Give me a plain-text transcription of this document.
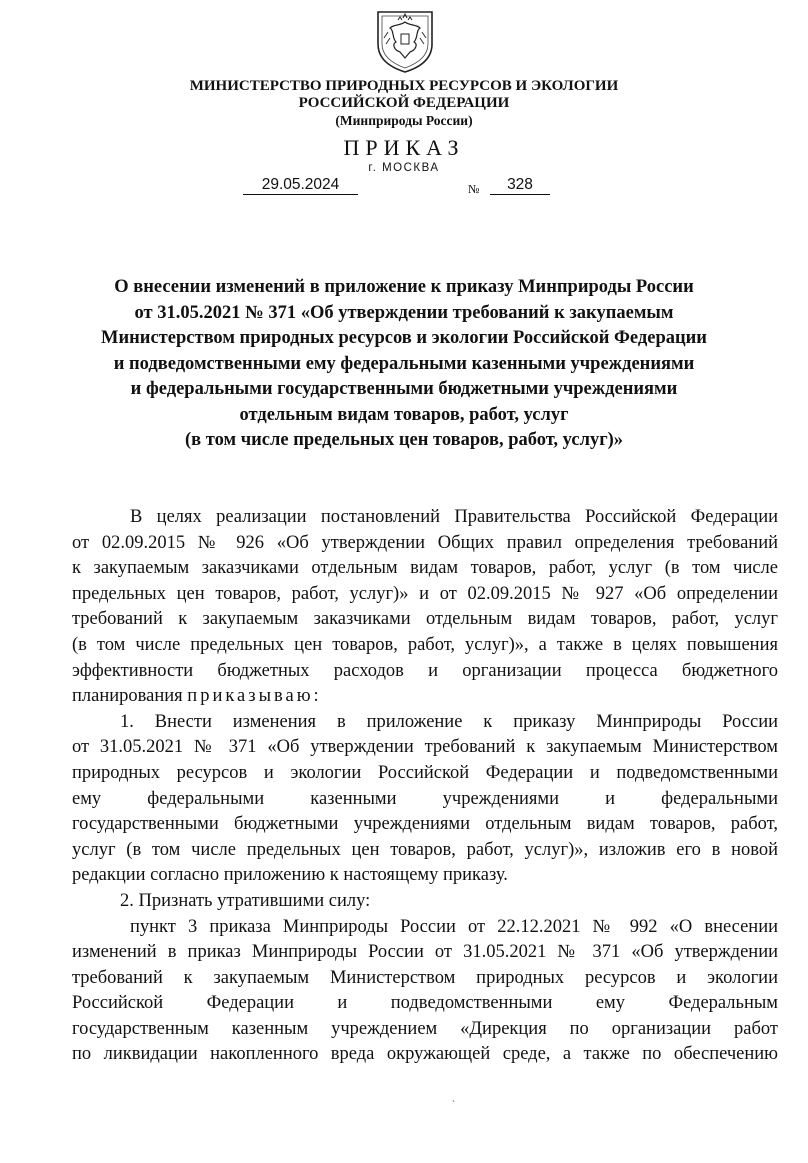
МИНИСТЕРСТВО ПРИРОДНЫХ РЕСУРСОВ И ЭКОЛОГИИ
РОССИЙСКОЙ ФЕДЕРАЦИИ
(Минприроды России)
ПРИКАЗ
г. МОСКВА
29.05.2024	№	328
О внесении изменений в приложение к приказу Минприроды России
от 31.05.2021 № 371 «Об утверждении требований к закупаемым
Министерством природных ресурсов и экологии Российской Федерации
и подведомственными ему федеральными казенными учреждениями
и федеральными государственными бюджетными учреждениями
отдельным видам товаров, работ, услуг
(в том числе предельных цен товаров, работ, услуг)»
В целях реализации постановлений Правительства Российской Федерации
от 02.09.2015 № 926 «Об утверждении Общих правил определения требований
к закупаемым заказчиками отдельным видам товаров, работ, услуг (в том числе
предельных цен товаров, работ, услуг)» и от 02.09.2015 № 927 «Об определении
требований к закупаемым заказчиками отдельным видам товаров, работ, услуг
(в том числе предельных цен товаров, работ, услуг)», а также в целях повышения
эффективности бюджетных расходов и организации процесса бюджетного
планирования приказываю:
1. Внести изменения в приложение к приказу Минприроды России
от 31.05.2021 № 371 «Об утверждении требований к закупаемым Министерством
природных ресурсов и экологии Российской Федерации и подведомственными
ему федеральными казенными учреждениями и федеральными
государственными бюджетными учреждениями отдельным видам товаров, работ,
услуг (в том числе предельных цен товаров, работ, услуг)», изложив его в новой
редакции согласно приложению к настоящему приказу.
2. Признать утратившими силу:
пункт 3 приказа Минприроды России от 22.12.2021 № 992 «О внесении
изменений в приказ Минприроды России от 31.05.2021 № 371 «Об утверждении
требований к закупаемым Министерством природных ресурсов и экологии
Российской Федерации и подведомственными ему Федеральным
государственным казенным учреждением «Дирекция по организации работ
по ликвидации накопленного вреда окружающей среде, а также по обеспечению
ˋ
